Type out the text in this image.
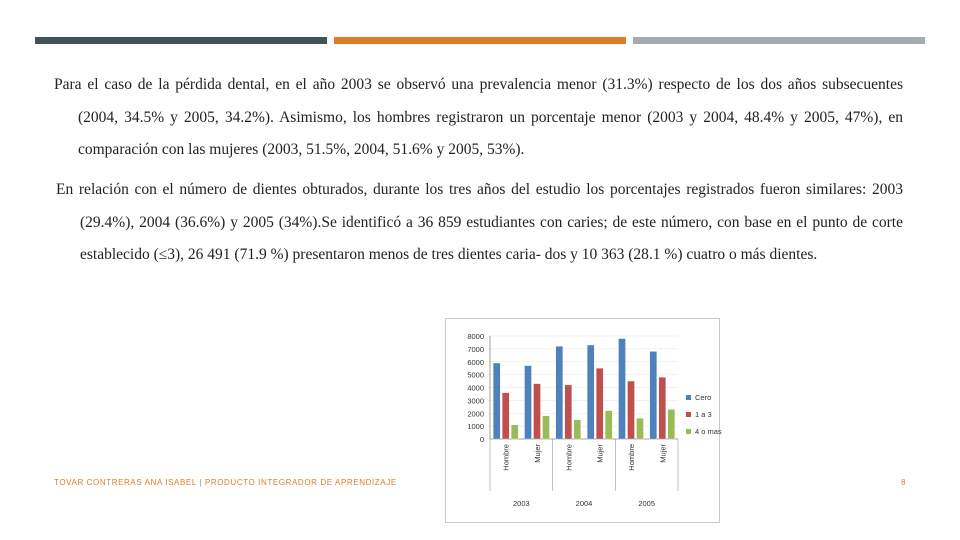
Para el caso de la pérdida dental, en el año 2003 se observó una prevalencia menor (31.3%) respecto de los dos años subsecuentes (2004, 34.5% y 2005, 34.2%). Asimismo, los hombres registraron un porcentaje menor (2003 y 2004, 48.4% y 2005, 47%), en comparación con las mujeres (2003, 51.5%, 2004, 51.6% y 2005, 53%).
En relación con el número de dientes obturados, durante los tres años del estudio los porcentajes registrados fueron similares: 2003 (29.4%), 2004 (36.6%) y 2005 (34%).Se identificó a 36 859 estudiantes con caries; de este número, con base en el punto de corte establecido (≤3), 26 491 (71.9 %) presentaron menos de tres dientes caria- dos y 10 363 (28.1 %) cuatro o más dientes.
0
1000
2000
3000
4000
5000
6000
7000
8000
Hombre	Mujer	Hombre	Mujer	Hombre	Mujer
2003	2004	2005
Cero
1 a 3
4 o mas
TOVAR CONTRERAS ANA ISABEL | PRODUCTO INTEGRADOR DE APRENDIZAJE	8
